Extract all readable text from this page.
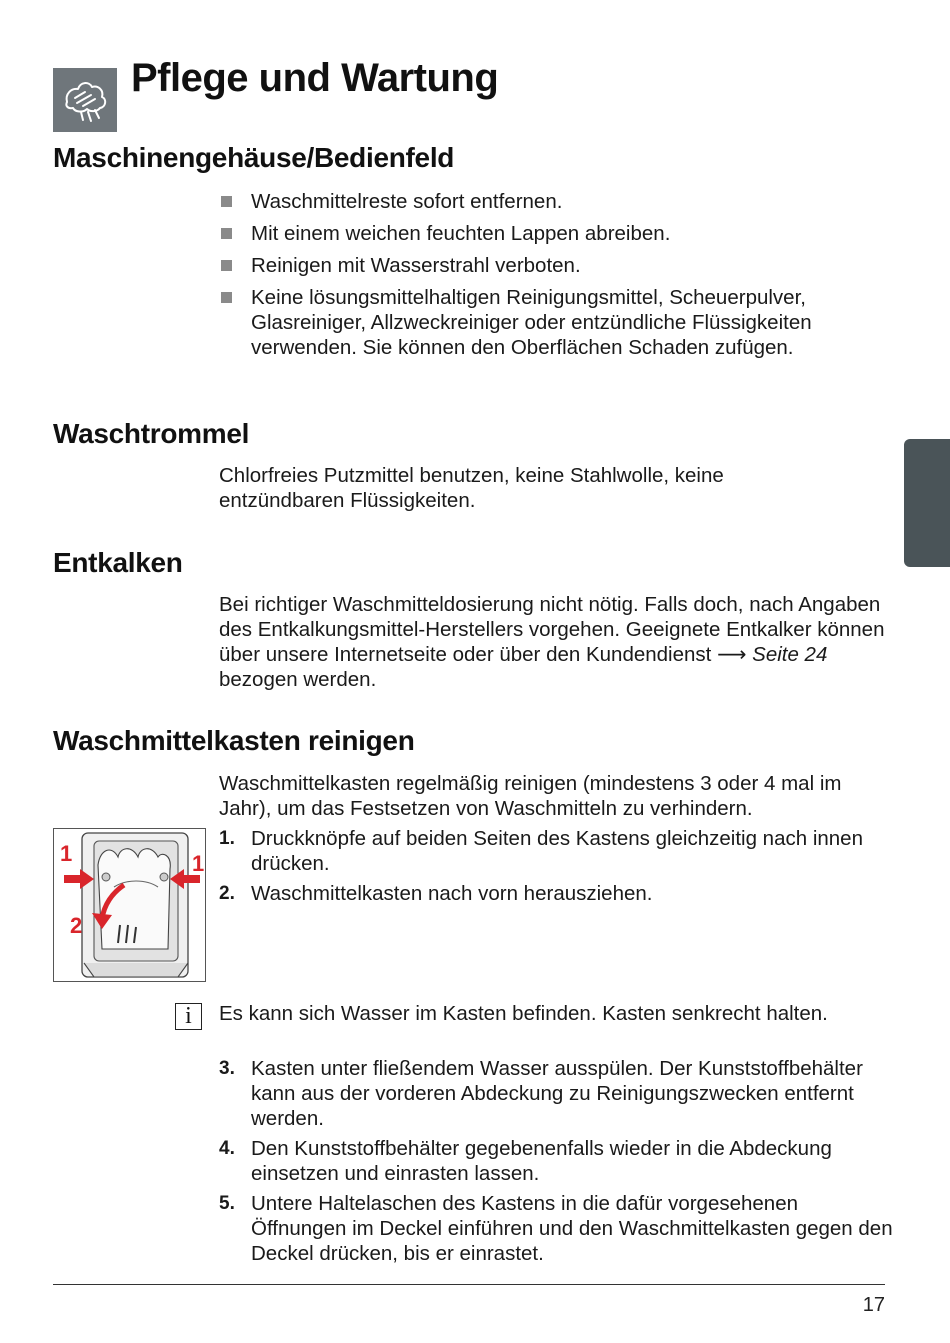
Pflege und Wartung
Maschinengehäuse/Bedienfeld
Waschmittelreste sofort entfernen.
Mit einem weichen feuchten Lappen abreiben.
Reinigen mit Wasserstrahl verboten.
Keine lösungsmittelhaltigen Reinigungsmittel, Scheuerpulver, Glasreiniger, Allzweckreiniger oder entzündliche Flüssigkeiten verwenden. Sie können den Oberflächen Schaden zufügen.
Waschtrommel
Chlorfreies Putzmittel benutzen, keine Stahlwolle, keine entzündbaren Flüssigkeiten.
Entkalken
Bei richtiger Waschmitteldosierung nicht nötig. Falls doch, nach Angaben des Entkalkungsmittel-Herstellers vorgehen. Geeignete Entkalker können über unsere Internetseite oder über den Kundendienst ⟶ Seite 24 bezogen werden.
Waschmittelkasten reinigen
Waschmittelkasten regelmäßig reinigen (mindestens 3 oder 4 mal im Jahr), um das Festsetzen von Waschmitteln zu verhindern.
1. Druckknöpfe auf beiden Seiten des Kastens gleichzeitig nach innen drücken.
2. Waschmittelkasten nach vorn herausziehen.
1	1
2
i	Es kann sich Wasser im Kasten befinden. Kasten senkrecht halten.
3. Kasten unter fließendem Wasser ausspülen. Der Kunststoffbehälter kann aus der vorderen Abdeckung zu Reinigungszwecken entfernt werden.
4. Den Kunststoffbehälter gegebenenfalls wieder in die Abdeckung einsetzen und einrasten lassen.
5. Untere Haltelaschen des Kastens in die dafür vorgesehenen Öffnungen im Deckel einführen und den Waschmittelkasten gegen den Deckel drücken, bis er einrastet.
17
